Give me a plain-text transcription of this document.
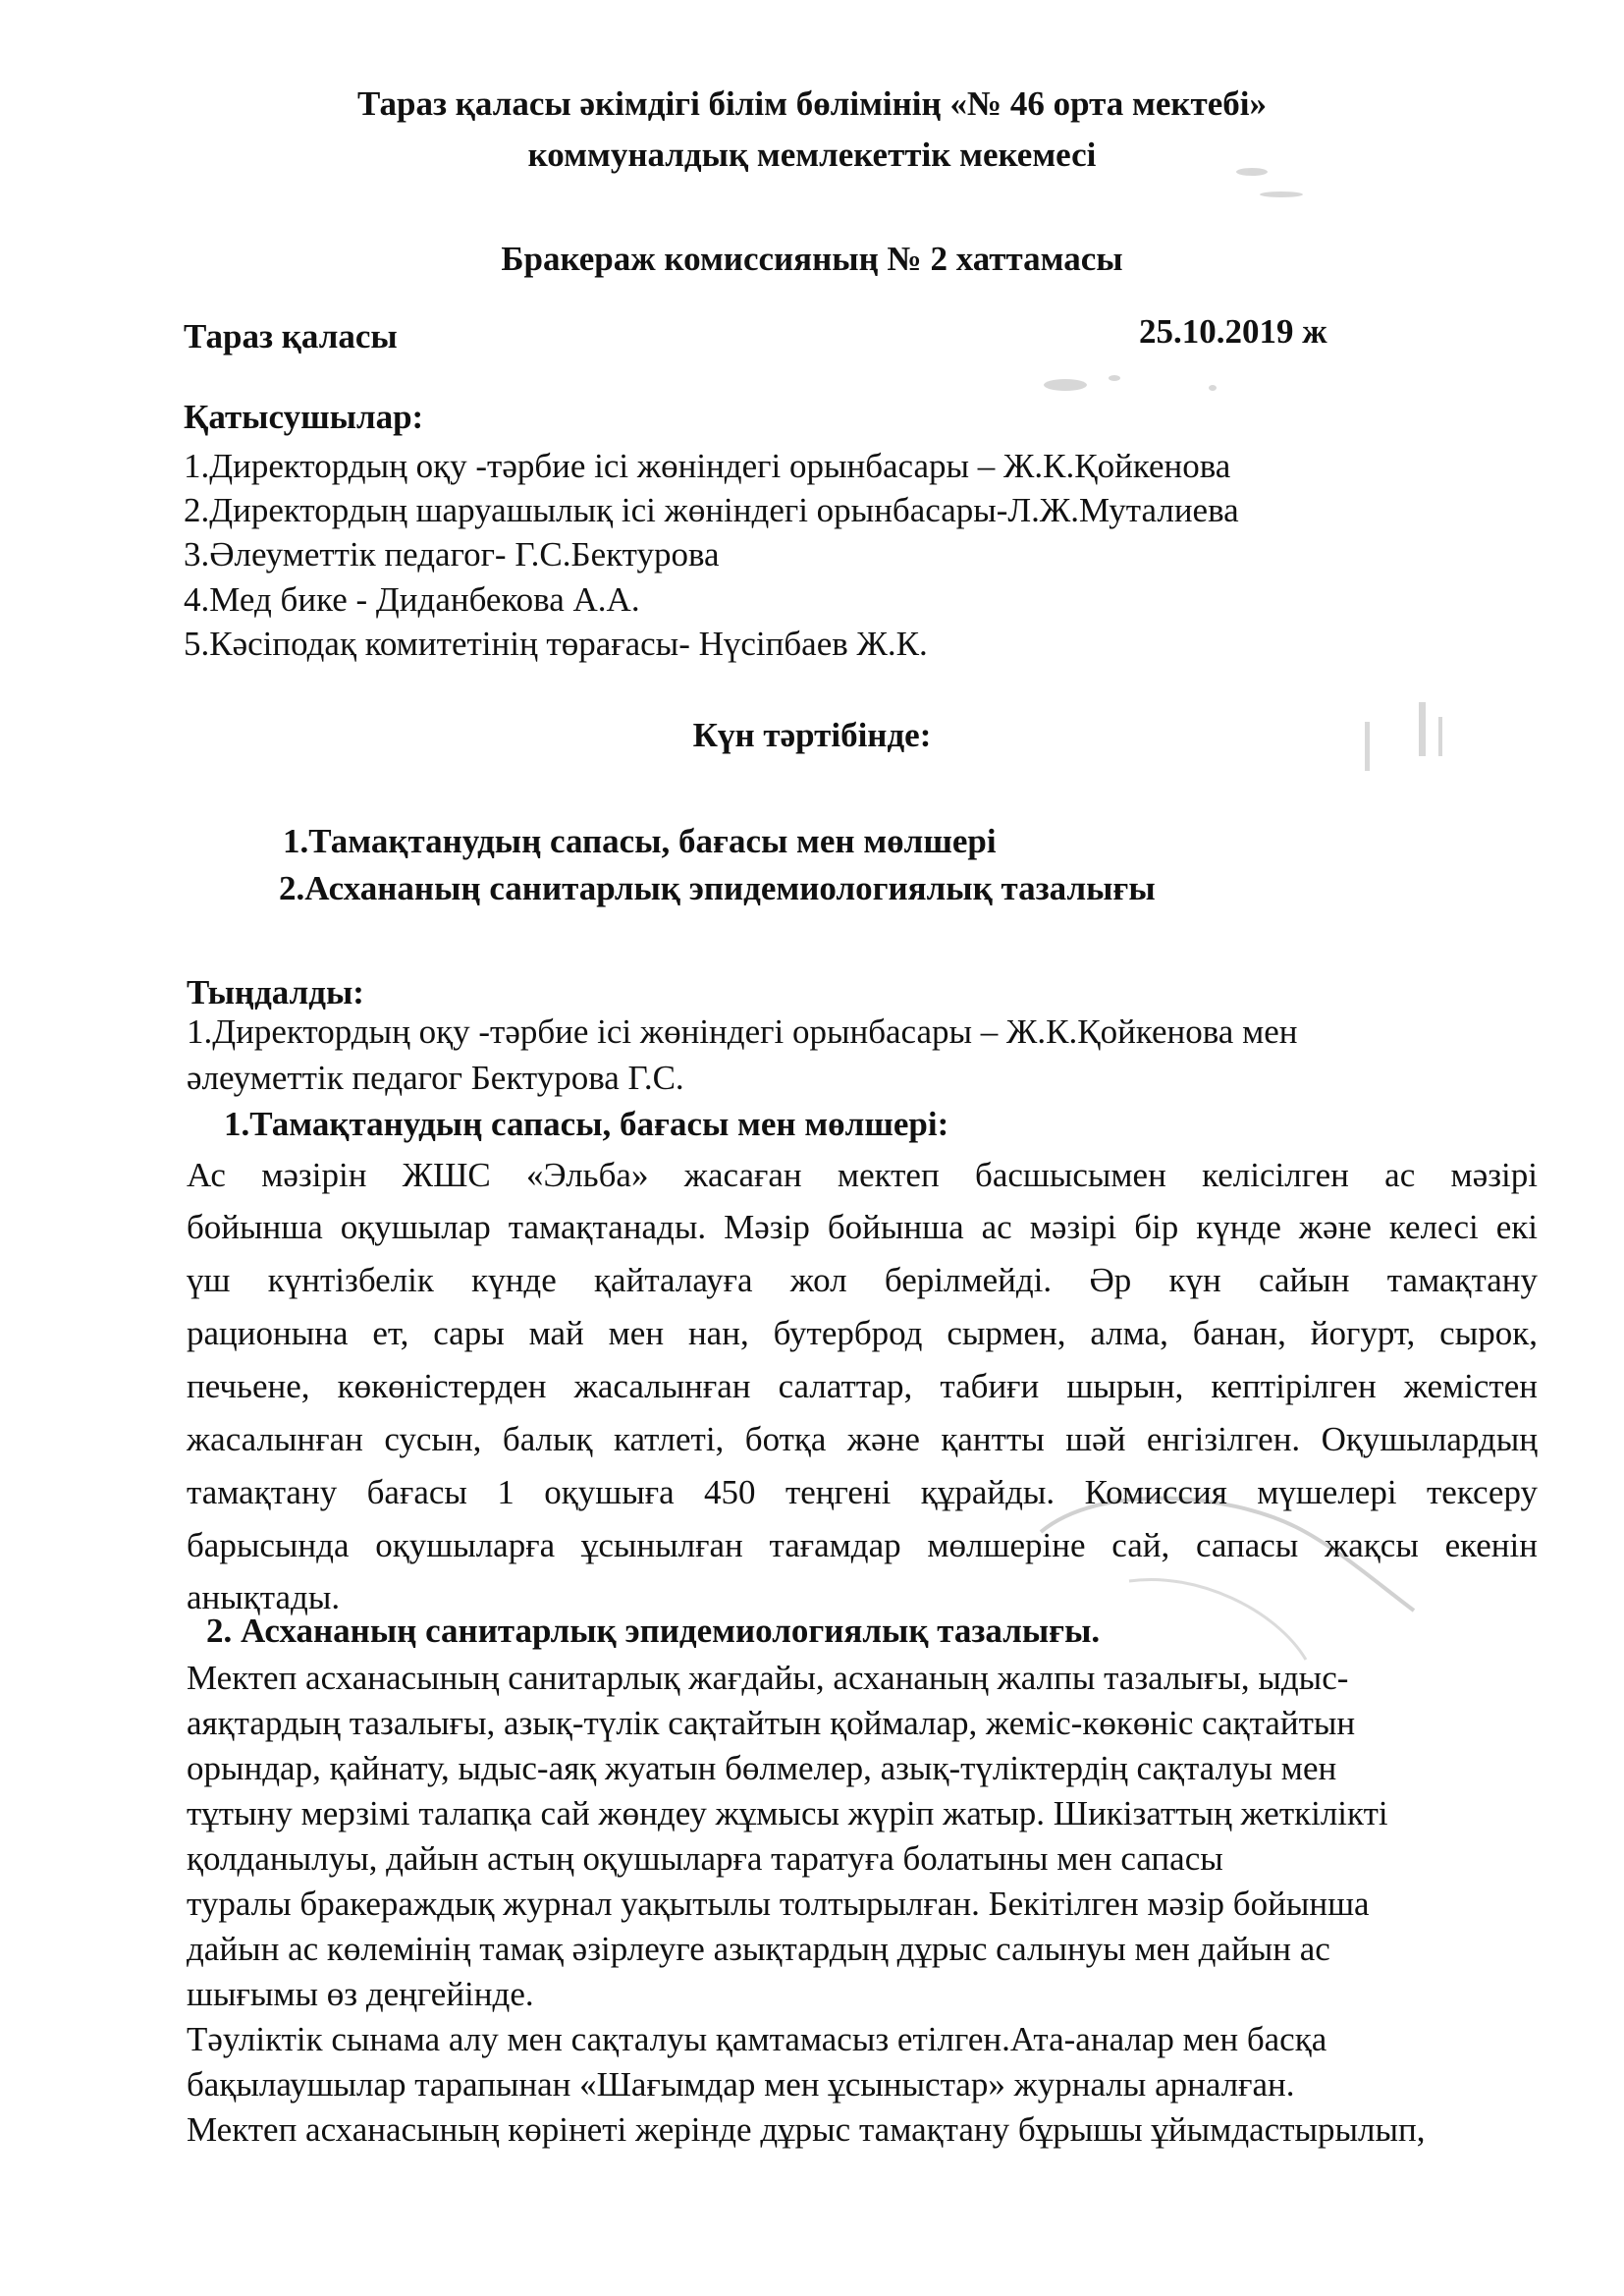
Тараз қаласы әкімдігі білім бөлімінің «№ 46 орта мектебі»
коммуналдық мемлекеттік мекемесі
Бракераж комиссияның № 2 хаттамасы
Тараз қаласы	25.10.2019 ж
Қатысушылар:
1.Директордың оқу -тәрбие ісі жөніндегі орынбасары – Ж.К.Қойкенова
2.Директордың шаруашылық ісі жөніндегі орынбасары-Л.Ж.Муталиева
3.Әлеуметтік педагог- Г.С.Бектурова
4.Мед бике - Диданбекова А.А.
5.Кәсіподақ комитетінің төрағасы- Нүсіпбаев Ж.К.
Күн тәртібінде:
1.Тамақтанудың сапасы, бағасы мен мөлшері
2.Асхананың санитарлық эпидемиологиялық тазалығы
Тыңдалды:
1.Директордың оқу -тәрбие ісі жөніндегі орынбасары – Ж.К.Қойкенова мен
әлеуметтік педагог Бектурова Г.С.
1.Тамақтанудың сапасы, бағасы мен мөлшері:
Ас мәзірін ЖШС «Эльба» жасаған мектеп басшысымен келісілген ас мәзірі
бойынша оқушылар тамақтанады. Мәзір бойынша ас мәзірі бір күнде және келесі екі
үш күнтізбелік күнде қайталауға жол берілмейді. Әр күн сайын тамақтану
рационына ет, сары май мен нан, бутерброд сырмен, алма, банан, йогурт, сырок,
печьене, көкөністерден жасалынған салаттар, табиғи шырын, кептірілген жемістен
жасалынған сусын, балық катлеті, ботқа және қантты шәй енгізілген. Оқушылардың
тамақтану бағасы 1 оқушыға 450 теңгені құрайды. Комиссия мүшелері тексеру
барысында оқушыларға ұсынылған тағамдар мөлшеріне сай, сапасы жақсы екенін
анықтады.
2. Асхананың санитарлық эпидемиологиялық тазалығы.
Мектеп асханасының санитарлық жағдайы, асхананың жалпы тазалығы, ыдыс-
аяқтардың тазалығы, азық-түлік сақтайтын қоймалар, жеміс-көкөніс сақтайтын
орындар, қайнату, ыдыс-аяқ жуатын бөлмелер, азық-түліктердің сақталуы мен
тұтыну мерзімі талапқа сай жөндеу жұмысы жүріп жатыр. Шикізаттың жеткілікті
қолданылуы, дайын астың оқушыларға таратуға болатыны мен сапасы
туралы бракераждық журнал уақытылы толтырылған. Бекітілген мәзір бойынша
дайын ас көлемінің тамақ әзірлеуге азықтардың дұрыс салынуы мен дайын ас
шығымы өз деңгейінде.
Тәуліктік сынама алу мен сақталуы қамтамасыз етілген.Ата-аналар мен басқа
бақылаушылар тарапынан «Шағымдар мен ұсыныстар» журналы арналған.
Мектеп асханасының көрінеті жерінде дұрыс тамақтану бұрышы ұйымдастырылып,
